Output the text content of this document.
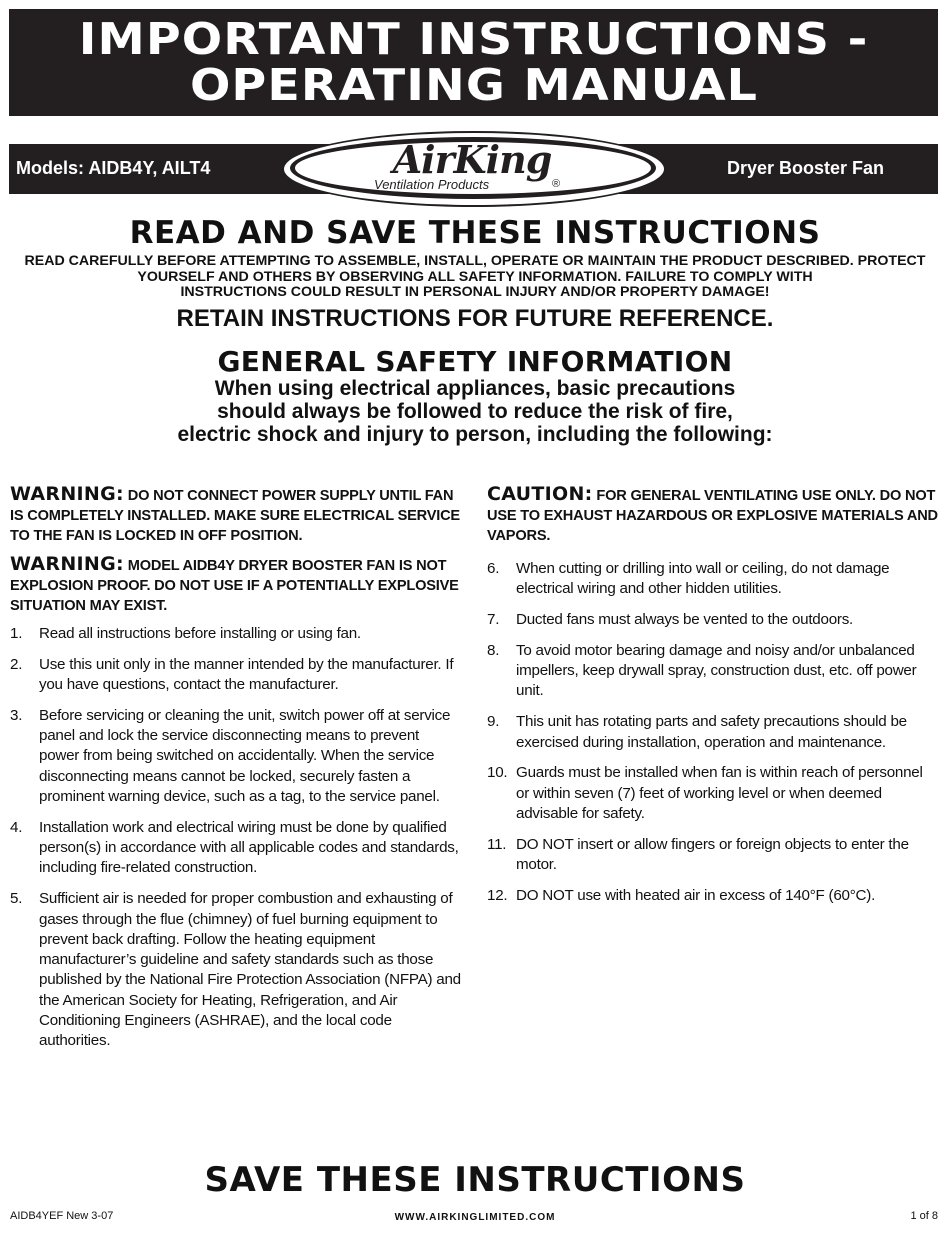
IMPORTANT INSTRUCTIONS -
OPERATING MANUAL
Models: AIDB4Y, AILT4	Dryer Booster Fan
AirKing
Ventilation Products	®
READ AND SAVE THESE INSTRUCTIONS
READ CAREFULLY BEFORE ATTEMPTING TO ASSEMBLE, INSTALL, OPERATE OR MAINTAIN THE PRODUCT DESCRIBED. PROTECT
YOURSELF AND OTHERS BY OBSERVING ALL SAFETY INFORMATION. FAILURE TO COMPLY WITH
INSTRUCTIONS COULD RESULT IN PERSONAL INJURY AND/OR PROPERTY DAMAGE!
RETAIN INSTRUCTIONS FOR FUTURE REFERENCE.
GENERAL SAFETY INFORMATION
When using electrical appliances, basic precautions
should always be followed to reduce the risk of fire,
electric shock and injury to person, including the following:
WARNING: DO NOT CONNECT POWER SUPPLY UNTIL FAN IS COMPLETELY INSTALLED. MAKE SURE ELECTRICAL SERVICE TO THE FAN IS LOCKED IN OFF POSITION.
WARNING: MODEL AIDB4Y DRYER BOOSTER FAN IS NOT EXPLOSION PROOF. DO NOT USE IF A POTENTIALLY EXPLOSIVE SITUATION MAY EXIST.
1.	Read all instructions before installing or using fan.
2.	Use this unit only in the manner intended by the manufacturer. If you have questions, contact the manufacturer.
3.	Before servicing or cleaning the unit, switch power off at service panel and lock the service disconnecting means to prevent power from being switched on accidentally. When the service disconnecting means cannot be locked, securely fasten a prominent warning device, such as a tag, to the service panel.
4.	Installation work and electrical wiring must be done by qualified person(s) in accordance with all applicable codes and standards, including fire-related construction.
5.	Sufficient air is needed for proper combustion and exhausting of gases through the flue (chimney) of fuel burning equipment to prevent back drafting. Follow the heating equipment manufacturer’s guideline and safety standards such as those published by the National Fire Protection Association (NFPA) and the American Society for Heating, Refrigeration, and Air Conditioning Engineers (ASHRAE), and the local code authorities.
CAUTION: FOR GENERAL VENTILATING USE ONLY. DO NOT USE TO EXHAUST HAZARDOUS OR EXPLOSIVE MATERIALS AND VAPORS.
6.	When cutting or drilling into wall or ceiling, do not damage electrical wiring and other hidden utilities.
7.	Ducted fans must always be vented to the outdoors.
8.	To avoid motor bearing damage and noisy and/or unbalanced impellers, keep drywall spray, construction dust, etc. off power unit.
9.	This unit has rotating parts and safety precautions should be exercised during installation, operation and maintenance.
10. Guards must be installed when fan is within reach of personnel or within seven (7) feet of working level or when deemed advisable for safety.
11. DO NOT insert or allow fingers or foreign objects to enter the motor.
12. DO NOT use with heated air in excess of 140°F (60°C).
SAVE THESE INSTRUCTIONS
AIDB4YEF New 3-07	WWW.AIRKINGLIMITED.COM	1 of 8
